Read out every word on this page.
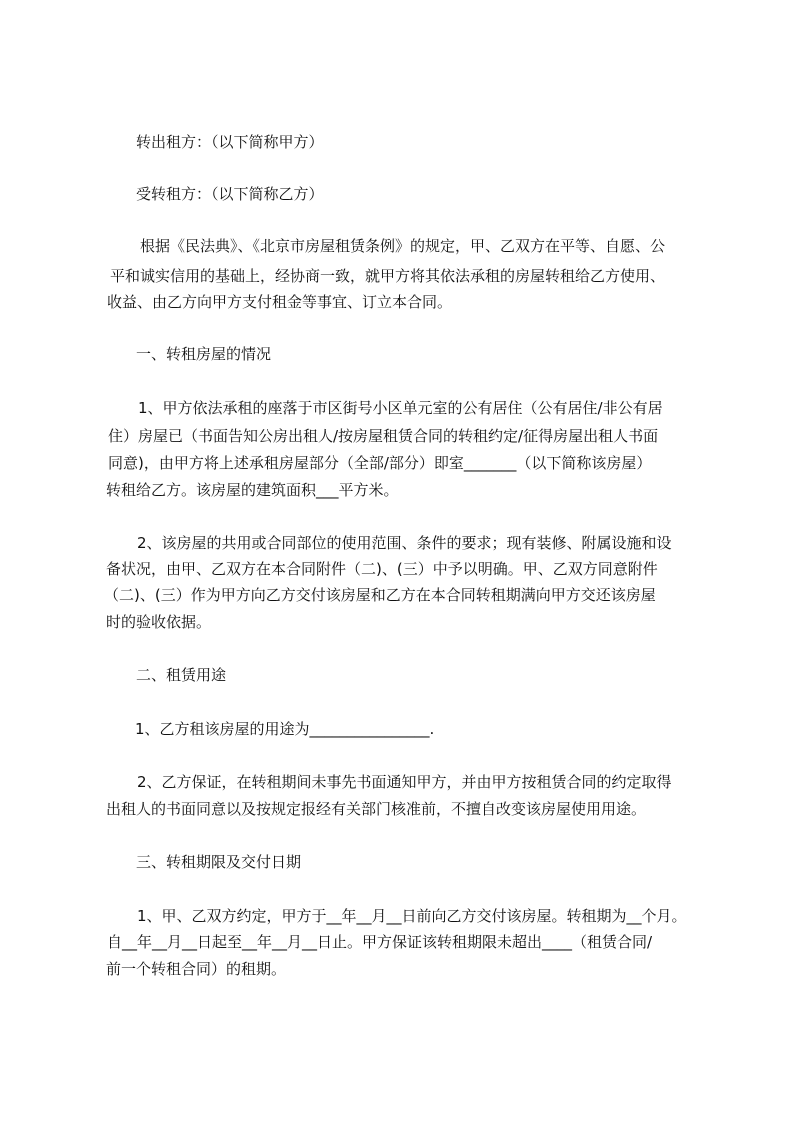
转出租方：（以下简称甲方）

受转租方：（以下简称乙方）

根据《民法典》、《北京市房屋租赁条例》的规定，甲、乙双方在平等、自愿、公

平和诚实信用的基础上，经协商一致，就甲方将其依法承租的房屋转租给乙方使用、

收益、由乙方向甲方支付租金等事宜、订立本合同。

一、转租房屋的情况

1、甲方依法承租的座落于市区街号小区单元室的公有居住（公有居住/非公有居

住）房屋已（书面告知公房出租人/按房屋租赁合同的转租约定/征得房屋出租人书面

同意)，由甲方将上述承租房屋部分（全部/部分）即室_______（以下简称该房屋）

转租给乙方。该房屋的建筑面积___平方米。

2、该房屋的共用或合同部位的使用范围、条件的要求；现有装修、附属设施和设

备状况，由甲、乙双方在本合同附件（二)、(三）中予以明确。甲、乙双方同意附件

（二)、(三）作为甲方向乙方交付该房屋和乙方在本合同转租期满向甲方交还该房屋

时的验收依据。

二、租赁用途

1、乙方租该房屋的用途为________________.

2、乙方保证，在转租期间未事先书面通知甲方，并由甲方按租赁合同的约定取得

出租人的书面同意以及按规定报经有关部门核准前，不擅自改变该房屋使用用途。

三、转租期限及交付日期

1、甲、乙双方约定，甲方于__年__月__日前向乙方交付该房屋。转租期为__个月。

自__年__月__日起至__年__月__日止。甲方保证该转租期限未超出____（租赁合同/

前一个转租合同）的租期。
